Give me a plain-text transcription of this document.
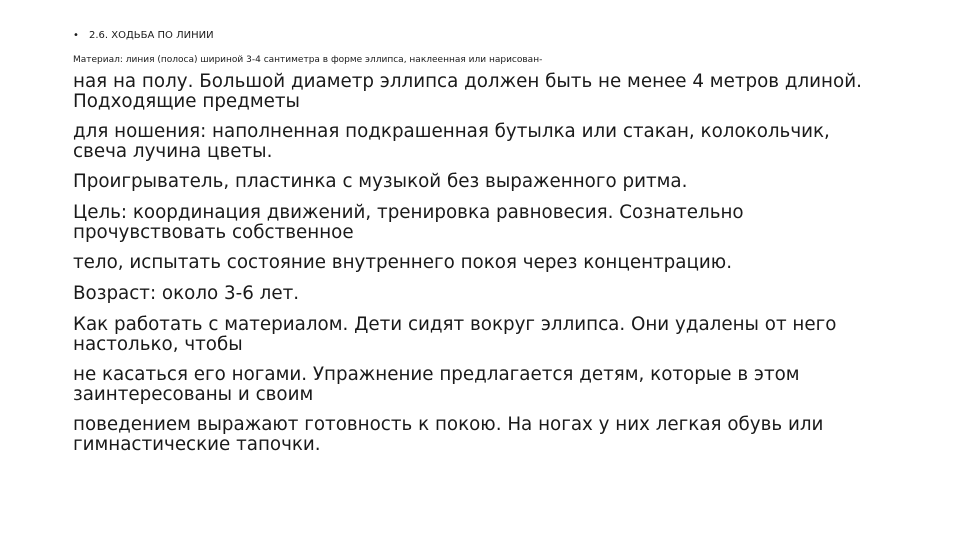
• 2.6. ХОДЬБА ПО ЛИНИИ
Материал: линия (полоса) шириной 3-4 сантиметра в форме эллипса, наклеенная или нарисован-
ная на полу. Большой диаметр эллипса должен быть не менее 4 метров длиной.
Подходящие предметы
для ношения: наполненная подкрашенная бутылка или стакан, колокольчик,
свеча лучина цветы.
Проигрыватель, пластинка с музыкой без выраженного ритма.
Цель: координация движений, тренировка равновесия. Сознательно
прочувствовать собственное
тело, испытать состояние внутреннего покоя через концентрацию.
Возраст: около 3-6 лет.
Как работать с материалом. Дети сидят вокруг эллипса. Они удалены от него
настолько, чтобы
не касаться его ногами. Упражнение предлагается детям, которые в этом
заинтересованы и своим
поведением выражают готовность к покою. На ногах у них легкая обувь или
гимнастические тапочки.
